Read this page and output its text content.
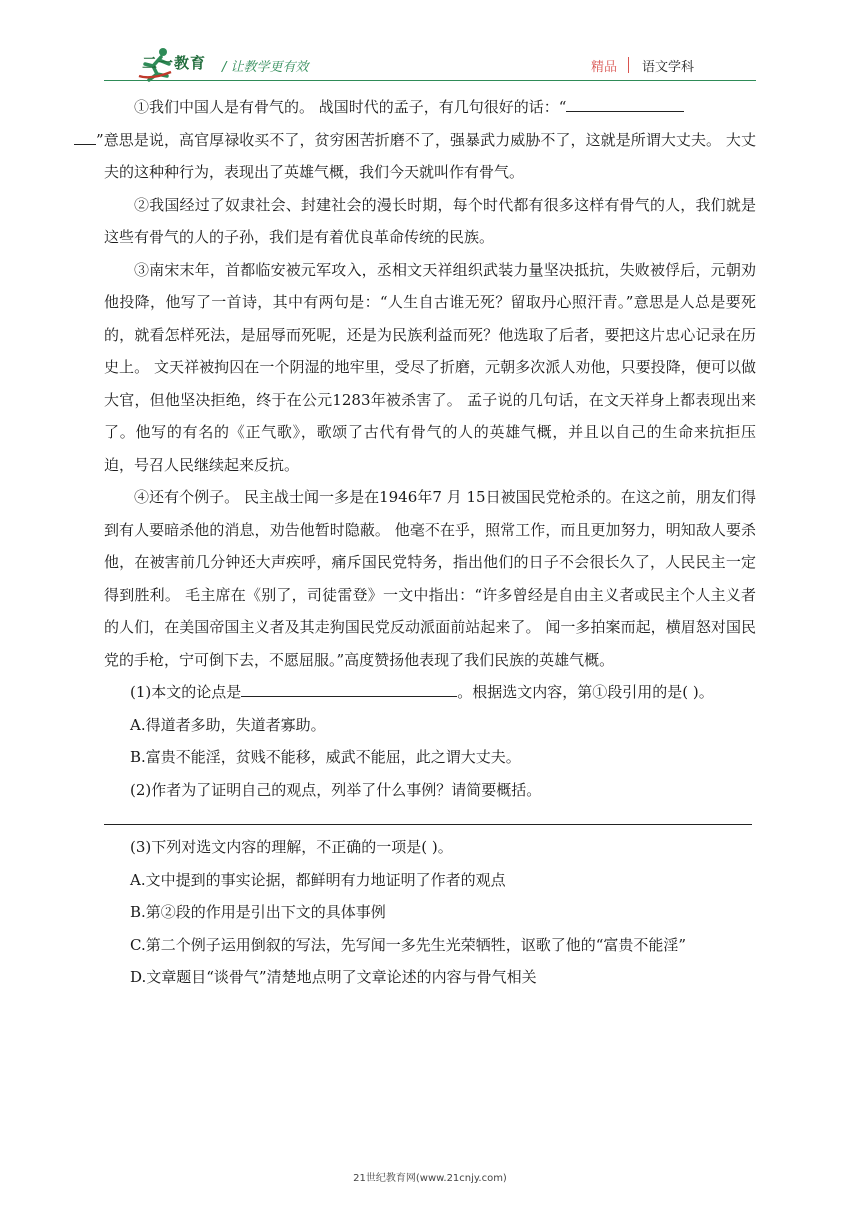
二一教育 / 让教学更有效	精品 语文学科

①我们中国人是有骨气的。 战国时代的孟子，有几句很好的话：“
”意思是说，高官厚禄收买不了，贫穷困苦折磨不了，强暴武力威胁不了，这就是所谓大丈夫。 大丈夫的这种种行为，表现出了英雄气概，我们今天就叫作有骨气。

②我国经过了奴隶社会、封建社会的漫长时期，每个时代都有很多这样有骨气的人，我们就是这些有骨气的人的子孙，我们是有着优良革命传统的民族。

③南宋末年，首都临安被元军攻入，丞相文天祥组织武装力量坚决抵抗，失败被俘后，元朝劝他投降，他写了一首诗，其中有两句是：“人生自古谁无死？留取丹心照汗青。”意思是人总是要死的，就看怎样死法，是屈辱而死呢，还是为民族利益而死？他选取了后者，要把这片忠心记录在历史上。 文天祥被拘囚在一个阴湿的地牢里，受尽了折磨，元朝多次派人劝他，只要投降，便可以做大官，但他坚决拒绝，终于在公元1283年被杀害了。 孟子说的几句话，在文天祥身上都表现出来了。他写的有名的《正气歌》，歌颂了古代有骨气的人的英雄气概，并且以自己的生命来抗拒压迫，号召人民继续起来反抗。

④还有个例子。 民主战士闻一多是在1946年7 月 15日被国民党枪杀的。在这之前，朋友们得到有人要暗杀他的消息，劝告他暂时隐蔽。 他毫不在乎，照常工作，而且更加努力，明知敌人要杀他，在被害前几分钟还大声疾呼，痛斥国民党特务，指出他们的日子不会很长久了，人民民主一定得到胜利。 毛主席在《别了，司徒雷登》一文中指出：“许多曾经是自由主义者或民主个人主义者的人们，在美国帝国主义者及其走狗国民党反动派面前站起来了。 闻一多拍案而起，横眉怒对国民党的手枪，宁可倒下去，不愿屈服。”高度赞扬他表现了我们民族的英雄气概。

(1)本文的论点是	。根据选文内容，第①段引用的是( )。

A.得道者多助，失道者寡助。

B.富贵不能淫，贫贱不能移，威武不能屈，此之谓大丈夫。

(2)作者为了证明自己的观点，列举了什么事例？请简要概括。

(3)下列对选文内容的理解，不正确的一项是( )。

A.文中提到的事实论据，都鲜明有力地证明了作者的观点

B.第②段的作用是引出下文的具体事例

C.第二个例子运用倒叙的写法，先写闻一多先生光荣牺牲，讴歌了他的“富贵不能淫”

D.文章题目“谈骨气”清楚地点明了文章论述的内容与骨气相关

21世纪教育网(www.21cnjy.com)
